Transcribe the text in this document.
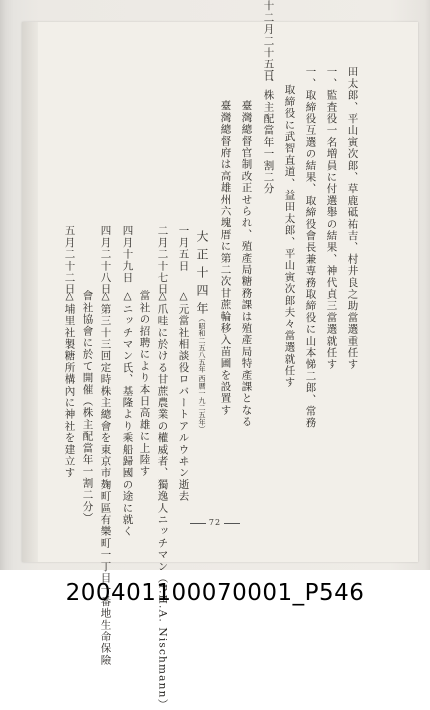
田太郎、平山寅次郎、草鹿砥祐吉、村井良之助當選重任す
一、監査役一名増員に付選舉の結果、神代貞三當選就任す
一、取締役互選の結果、取締役會長兼専務取締役に山本悌二郎、常務
取締役に武智直道、益田太郎、平山寅次郎夫々當選就任す
一、株主配當年一割二分
臺灣總督官制改正せられ、殖產局糖務課は殖產局特產課となる
臺灣總督府は高雄州六塊厝に第二次甘蔗輪移入苗圃を設置す
十二月二十五日
大正十四年
（昭和二五八五年 西曆一九二五年）
一月五日
二月二十七日
四月十九日
四月二十八日
五月二十二日
△元當社相談役ロバートアルウヰン逝去
△爪哇に於ける甘蔗農業の權威者、獨逸人ニッチマン（P.H.A. Nischmann）
當社の招聘により本日高雄に上陸す
△ニッチマン氏、基隆より乘船歸國の途に就く
△第三十三回定時株主總會を東京市麹町區有樂町一丁目一番地生命保險
會社協會に於て開催（株主配當年一割二分）
△埔里社製糖所構內に神社を建立す
72
200401100070001_P546
